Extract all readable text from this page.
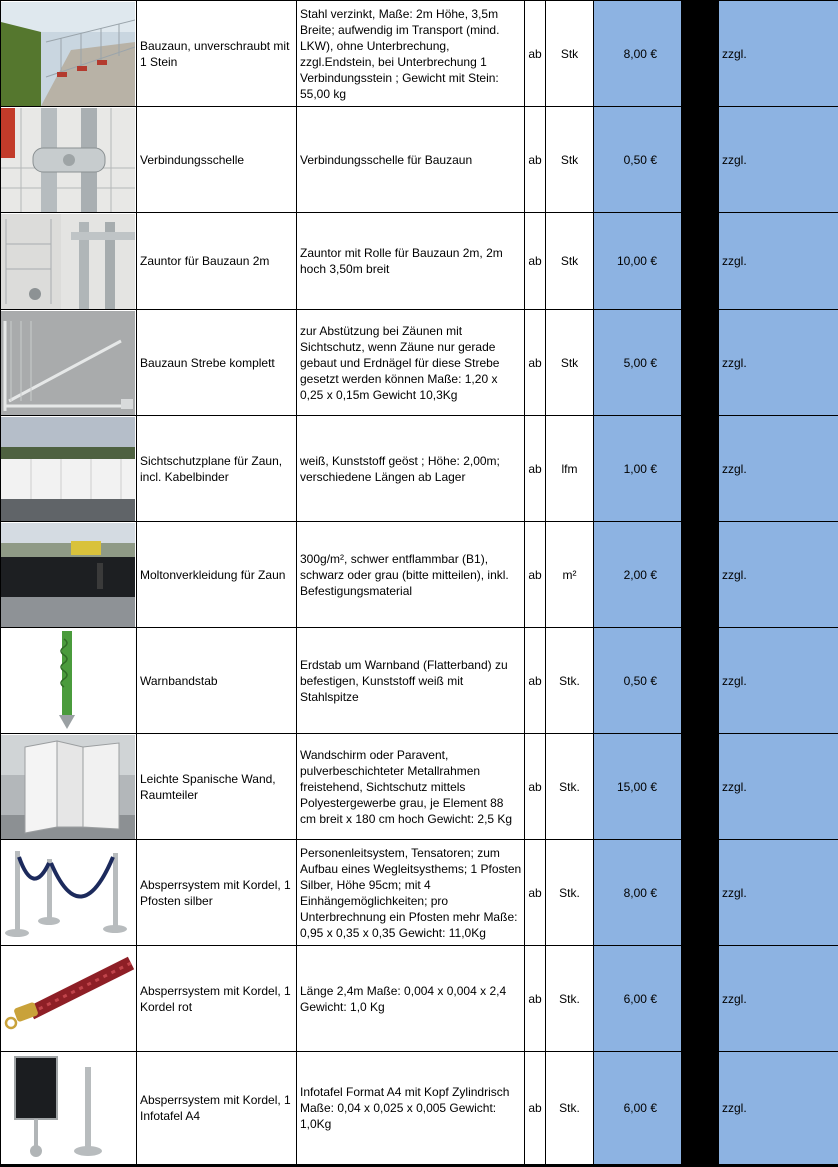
	Bauzaun, unverschraubt mit 1 Stein	Stahl verzinkt, Maße: 2m Höhe, 3,5m Breite; aufwendig im Transport (mind. LKW), ohne Unterbrechung, zzgl.Endstein, bei Unterbrechung 1 Verbindungsstein ; Gewicht mit Stein: 55,00 kg	ab	Stk	8,00 €		zzgl.	

	Verbindungsschelle	Verbindungsschelle für Bauzaun	ab	Stk	0,50 €		zzgl.	

	Zauntor für Bauzaun 2m	Zauntor mit Rolle für Bauzaun 2m, 2m hoch 3,50m breit	ab	Stk	10,00 €		zzgl.	

	Bauzaun Strebe komplett	zur Abstützung bei Zäunen mit Sichtschutz, wenn Zäune nur gerade gebaut und Erdnägel für diese Strebe gesetzt werden können Maße: 1,20 x 0,25 x 0,15m Gewicht 10,3Kg	ab	Stk	5,00 €		zzgl.	

	Sichtschutzplane für Zaun, incl. Kabelbinder	weiß, Kunststoff geöst ; Höhe: 2,00m; verschiedene Längen ab Lager	ab	lfm	1,00 €		zzgl.	

	Moltonverkleidung für Zaun	300g/m², schwer entflammbar (B1), schwarz oder grau (bitte mitteilen), inkl. Befestigungsmaterial	ab	m²	2,00 €		zzgl.	

	Warnbandstab	Erdstab um Warnband (Flatterband) zu befestigen, Kunststoff weiß mit Stahlspitze	ab	Stk.	0,50 €		zzgl.	

	Leichte Spanische Wand, Raumteiler	Wandschirm oder Paravent, pulverbeschichteter Metallrahmen freistehend, Sichtschutz mittels Polyestergewerbe grau, je Element 88 cm breit x 180 cm hoch Gewicht: 2,5 Kg	ab	Stk.	15,00 €		zzgl.	

	Absperrsystem mit Kordel, 1 Pfosten silber	Personenleitsystem, Tensatoren; zum Aufbau eines Wegleitsysthems; 1 Pfosten Silber, Höhe 95cm; mit 4 Einhängemöglichkeiten; pro Unterbrechnung ein Pfosten mehr Maße: 0,95 x 0,35 x 0,35 Gewicht: 11,0Kg	ab	Stk.	8,00 €		zzgl.	

	Absperrsystem mit Kordel, 1 Kordel rot	Länge 2,4m Maße: 0,004 x 0,004 x 2,4 Gewicht: 1,0 Kg	ab	Stk.	6,00 €		zzgl.	

	Absperrsystem mit Kordel, 1 Infotafel A4	Infotafel Format A4 mit Kopf Zylindrisch Maße: 0,04 x 0,025 x 0,005 Gewicht: 1,0Kg	ab	Stk.	6,00 €		zzgl.	
